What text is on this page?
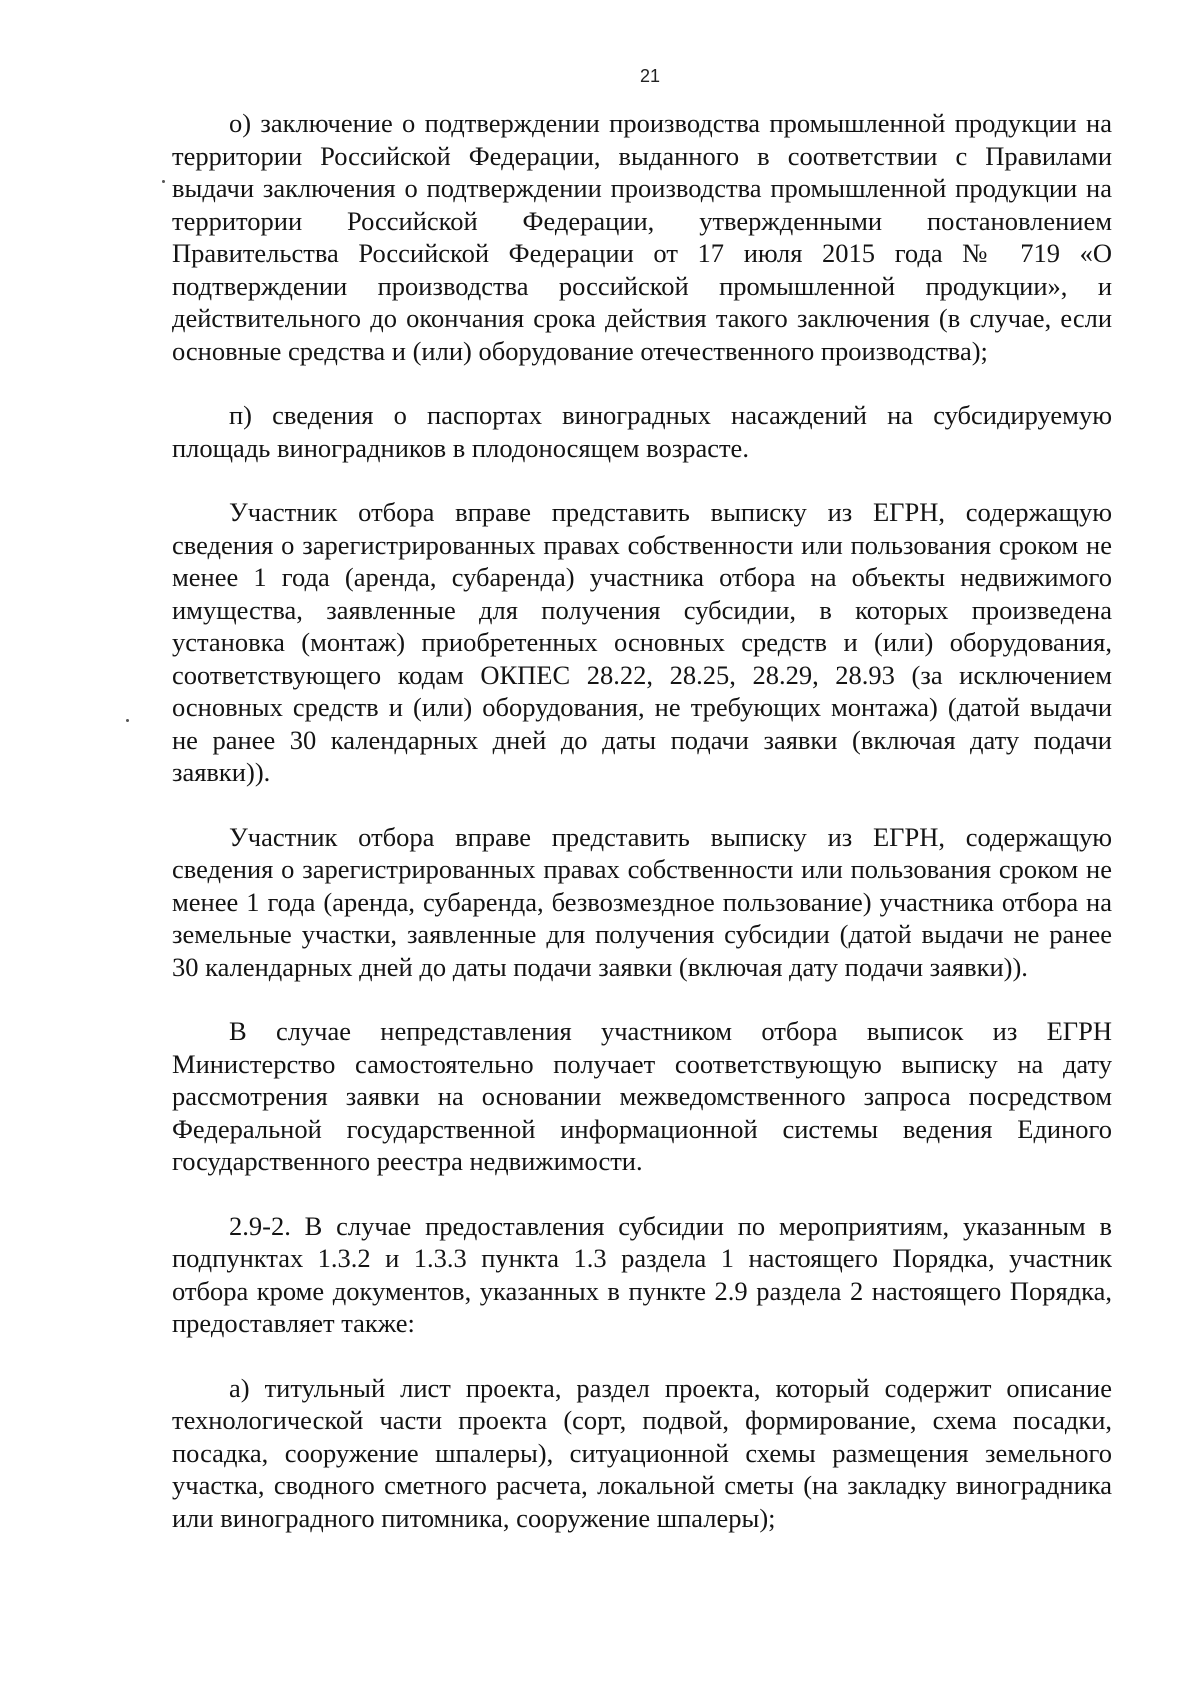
21

о) заключение о подтверждении производства промышленной продукции на территории Российской Федерации, выданного в соответствии с Правилами выдачи заключения о подтверждении производства промышленной продукции на территории Российской Федерации, утвержденными постановлением Правительства Российской Федерации от 17 июля 2015 года № 719 «О подтверждении производства российской промышленной продукции», и действительного до окончания срока действия такого заключения (в случае, если основные средства и (или) оборудование отечественного производства);

п) сведения о паспортах виноградных насаждений на субсидируемую площадь виноградников в плодоносящем возрасте.

Участник отбора вправе представить выписку из ЕГРН, содержащую сведения о зарегистрированных правах собственности или пользования сроком не менее 1 года (аренда, субаренда) участника отбора на объекты недвижимого имущества, заявленные для получения субсидии, в которых произведена установка (монтаж) приобретенных основных средств и (или) оборудования, соответствующего кодам ОКПЕС 28.22, 28.25, 28.29, 28.93 (за исключением основных средств и (или) оборудования, не требующих монтажа) (датой выдачи не ранее 30 календарных дней до даты подачи заявки (включая дату подачи заявки)).

Участник отбора вправе представить выписку из ЕГРН, содержащую сведения о зарегистрированных правах собственности или пользования сроком не менее 1 года (аренда, субаренда, безвозмездное пользование) участника отбора на земельные участки, заявленные для получения субсидии (датой выдачи не ранее 30 календарных дней до даты подачи заявки (включая дату подачи заявки)).

В случае непредставления участником отбора выписок из ЕГРН Министерство самостоятельно получает соответствующую выписку на дату рассмотрения заявки на основании межведомственного запроса посредством Федеральной государственной информационной системы ведения Единого государственного реестра недвижимости.

2.9-2. В случае предоставления субсидии по мероприятиям, указанным в подпунктах 1.3.2 и 1.3.3 пункта 1.3 раздела 1 настоящего Порядка, участник отбора кроме документов, указанных в пункте 2.9 раздела 2 настоящего Порядка, предоставляет также:

а) титульный лист проекта, раздел проекта, который содержит описание технологической части проекта (сорт, подвой, формирование, схема посадки, посадка, сооружение шпалеры), ситуационной схемы размещения земельного участка, сводного сметного расчета, локальной сметы (на закладку виноградника или виноградного питомника, сооружение шпалеры);
